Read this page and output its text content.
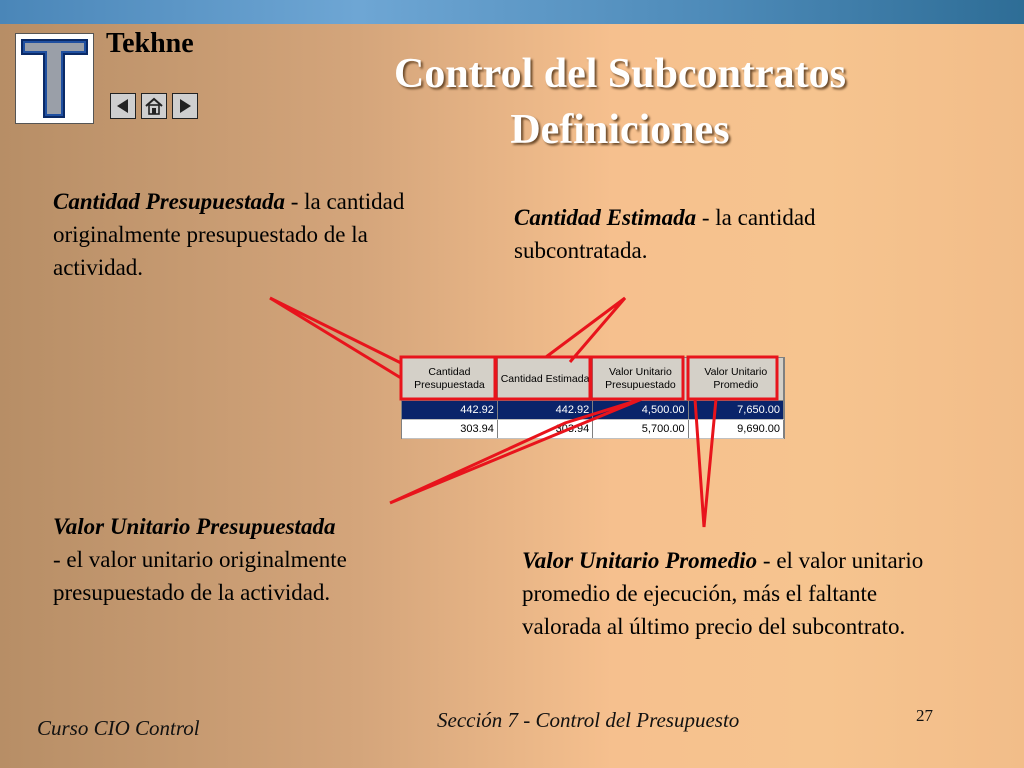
Tekhne
Control del Subcontratos
Definiciones
Cantidad Presupuestada - la cantidad originalmente presupuestado de la actividad.
Cantidad Estimada - la cantidad subcontratada.
Valor Unitario Presupuestada
- el valor unitario originalmente presupuestado de la actividad.
Valor Unitario Promedio - el valor unitario promedio de ejecución, más el faltante valorada al último precio del subcontrato.
Cantidad Presupuestada	Cantidad Estimada	Valor Unitario Presupuestado	Valor Unitario Promedio
442.92	442.92	4,500.00	7,650.00
303.94	303.94	5,700.00	9,690.00
Curso CIO Control	Sección 7 - Control del Presupuesto	27
